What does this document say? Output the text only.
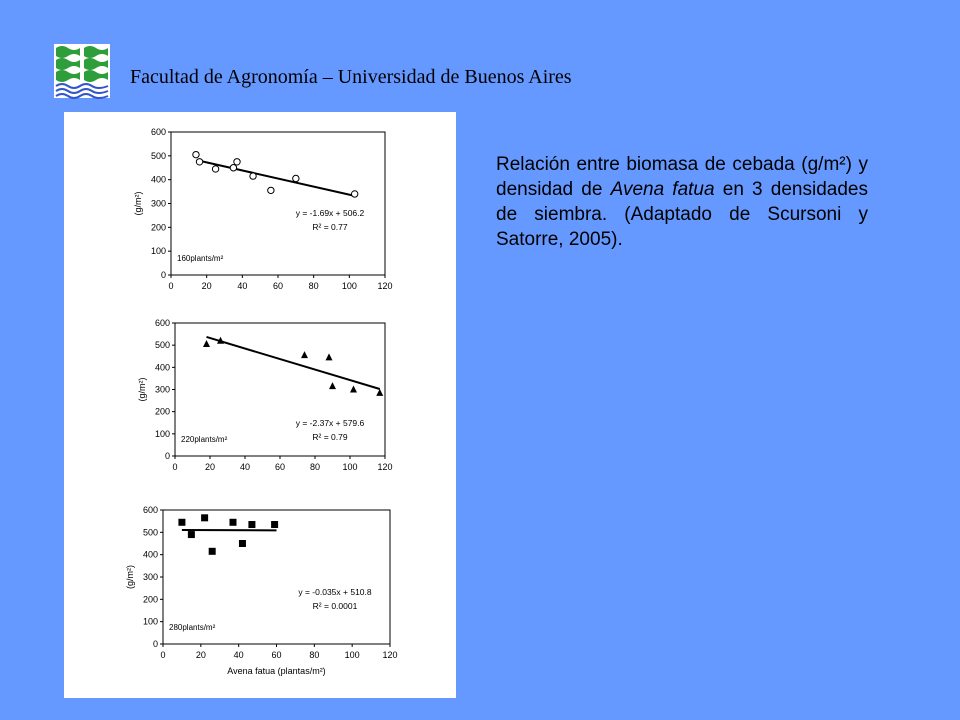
Facultad de Agronomía – Universidad de Buenos Aires
0
100
200
300
400
500
600
0	20	40	60	80	100 120
(g/m²)	y = -1.69x + 506.2
R² = 0.77
160plants/m²
0
100
200
300
400
500
600
0	20	40	60	80 100 120
(g/m²)
y = -2.37x + 579.6
R² = 0.79
220plants/m²
0
100
200
300
400
500
600
0	20	40	60	80	100	120
(g/m²)
Avena fatua (plantas/m²)
y = -0.035x + 510.8
R² = 0.0001
280plants/m²
Relación entre biomasa de cebada (g/m²) y densidad de Avena fatua en 3 densidades de siembra. (Adaptado de Scursoni y Satorre, 2005).
